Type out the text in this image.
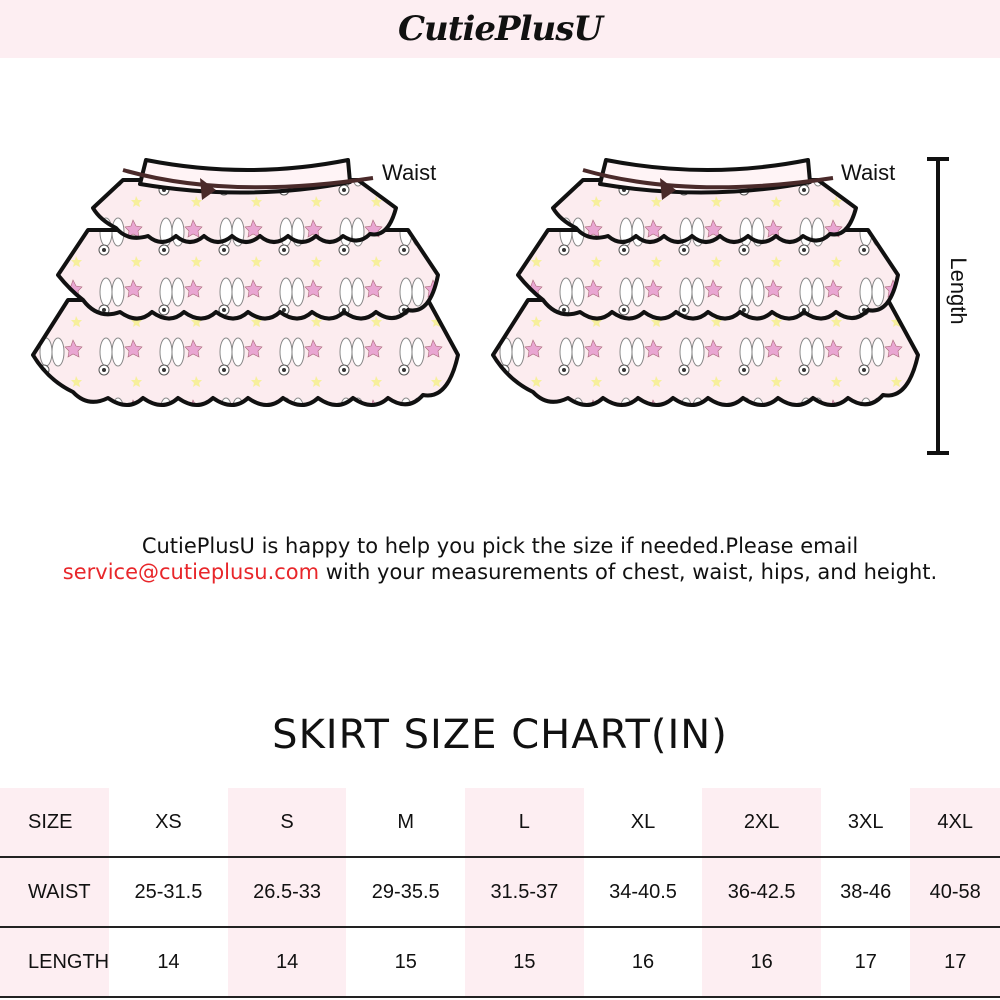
CutiePlusU
Waist	Waist
Length
CutiePlusU is happy to help you pick the size if needed.Please email
service@cutieplusu.com with your measurements of chest, waist, hips, and height.
SKIRT SIZE CHART(IN)
SIZE	XS	S	M	L	XL	2XL	3XL	4XL
WAIST	25-31.5	26.5-33	29-35.5	31.5-37	34-40.5	36-42.5	38-46	40-58
LENGTH	14	14	15	15	16	16	17	17
